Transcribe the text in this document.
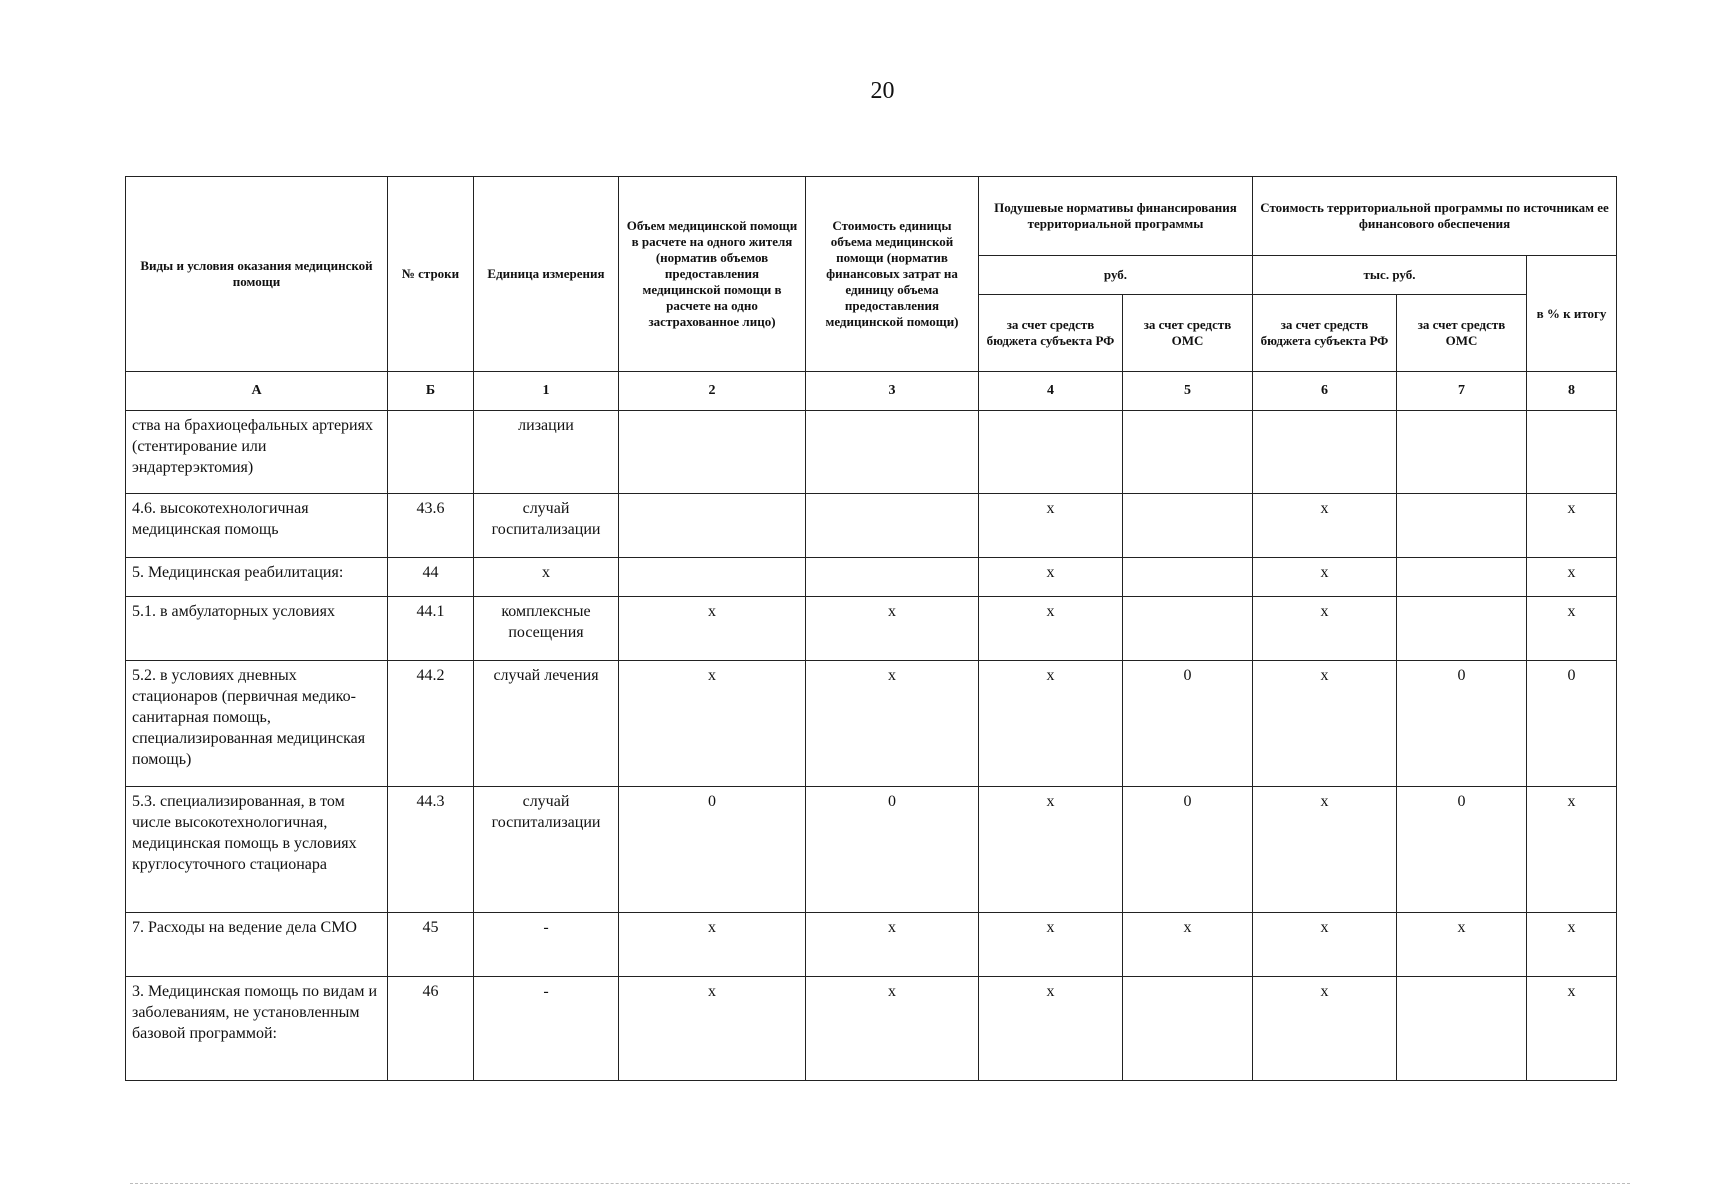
20
Виды и условия оказания медицинской помощи	№ строки	Единица измерения	Объем медицинской помощи в расчете на одного жителя (норматив объемов предоставления медицинской помощи в расчете на одно застрахованное лицо)	Стоимость единицы объема медицинской помощи (норматив финансовых затрат на единицу объема предоставления медицинской помощи)	Подушевые нормативы финансирования территориальной программы		Стоимость территориальной программы по источникам ее финансового обеспечения		
					руб.		тыс. руб.		в % к итогу
					за счет средств бюджета субъекта РФ	за счет средств ОМС	за счет средств бюджета субъекта РФ	за счет средств ОМС	
А	Б	1	2	3	4	5	6	7	8
ства на брахиоцефальных артериях (стентирование или эндартерэктомия)		лизации							
4.6. высокотехнологичная медицинская помощь	43.6	случай госпитализации			x		x		x
5. Медицинская реабилитация:	44	x			x		x		x
5.1. в амбулаторных условиях	44.1	комплексные посещения	x	x	x		x		x
5.2. в условиях дневных стационаров (первичная медико-санитарная помощь, специализированная медицинская помощь)	44.2	случай лечения	x	x	x	0	x	0	0
5.3. специализированная, в том числе высокотехнологичная, медицинская помощь в условиях круглосуточного стационара	44.3	случай госпитализации	0	0	x	0	x	0	x
7. Расходы на ведение дела СМО	45	-	x	x	x	x	x	x	x
3. Медицинская помощь по видам и заболеваниям, не установленным базовой программой:	46	-	x	x	x		x		x
